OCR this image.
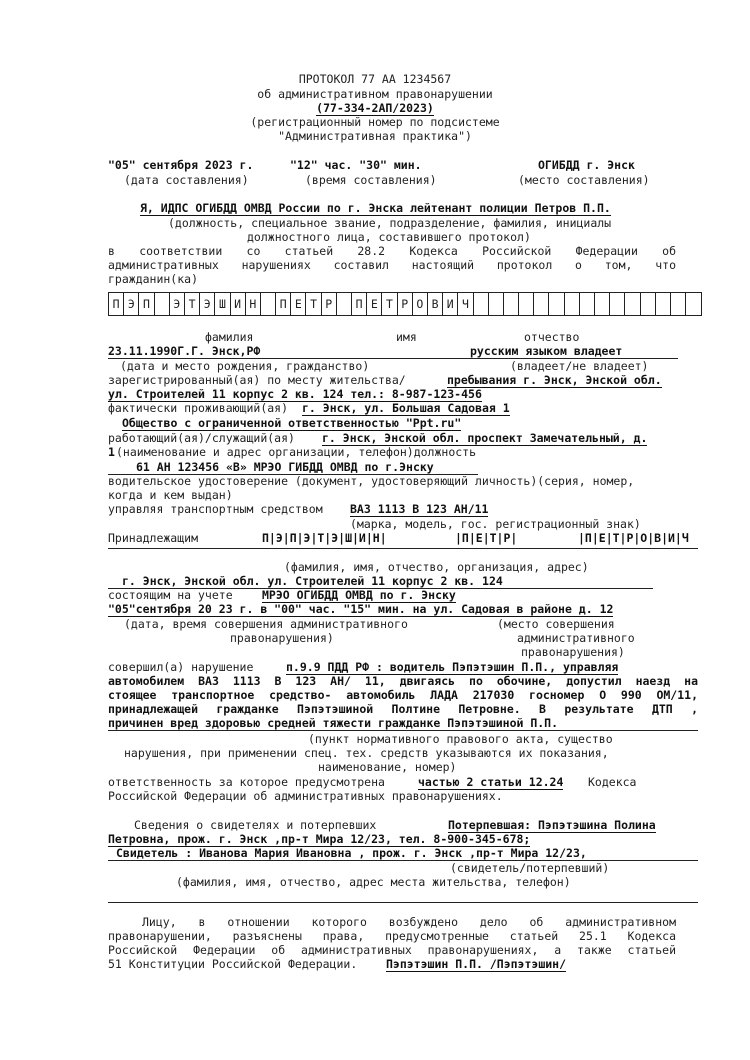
ПРОТОКОЛ 77 АА 1234567
об административном правонарушении
(77-334-2АП/2023)
(регистрационный номер по подсистеме
"Административная практика")
"05" сентября 2023 г.	"12" час. "30" мин.	ОГИБДД г. Энск
(дата составления)	(время составления)	(место составления)
Я, ИДПС ОГИБДД ОМВД России по г. Энска лейтенант полиции Петров П.П.
(должность, специальное звание, подразделение, фамилия, инициалы
должностного лица, составившего протокол)
в соответствии со статьей 28.2 Кодекса Российской Федерации об
административных нарушениях составил настоящий протокол о том, что
гражданин(ка)
П Э П	Э Т Э Ш И Н	П Е Т Р	П Е Т Р О В И Ч
фамилия	имя	отчество
23.11.1990Г.Г. Энск,РФ	русским языком владеет
(дата и место рождения, гражданство)	(владеет/не владеет)
зарегистрированный(ая) по месту жительства/	пребывания г. Энск, Энской обл.
ул. Строителей 11 корпус 2 кв. 124 тел.: 8-987-123-456
фактически проживающий(ая) г. Энск, ул. Большая Садовая 1
Общество с ограниченной ответственностью "Ppt.ru"
работающий(ая)/служащий(ая) г. Энск, Энской обл. проспект Замечательный, д.
1 (наименование и адрес организации, телефон)должность
61 АН 123456 «В» МРЭО ГИБДД ОМВД по г.Энску
водительское удостоверение (документ, удостоверяющий личность)(серия, номер,
когда и кем выдан)
управляя транспортным средством ВАЗ 1113 В 123 АН/11
(марка, модель, гос. регистрационный знак)
Принадлежащим	П|Э|П|Э|Т|Э|Ш|И|Н|	|П|Е|Т|Р|	|П|Е|Т|Р|О|В|И|Ч
(фамилия, имя, отчество, организация, адрес)
г. Энск, Энской обл. ул. Строителей 11 корпус 2 кв. 124
состоящим на учете	МРЭО ОГИБДД ОМВД по г. Энску
"05"сентября 20 23 г. в "00" час. "15" мин. на ул. Садовая в районе д. 12
(дата, время совершения административного
правонарушения)
(место совершения
административного
правонарушения)
совершил(а) нарушение	п.9.9 ПДД РФ : водитель Пэпэтэшин П.П., управляя
автомобилем ВАЗ 1113 В 123 АН/ 11, двигаясь по обочине, допустил наезд на
стоящее транспортное средство- автомобиль ЛАДА 217030 госномер О 990 ОМ/11,
принадлежащей гражданке Пэпэтэшиной Полтине Петровне. В результате ДТП ,
причинен вред здоровью средней тяжести гражданке Пэпэтэшиной П.П.
(пункт нормативного правового акта, существо
нарушения, при применении спец. тех. средств указываются их показания,
наименование, номер)
ответственность за которое предусмотрена	частью 2 статьи 12.24 Кодекса
Российской Федерации об административных правонарушениях.
Сведения о свидетелях и потерпевших	Потерпевшая: Пэпэтэшина Полина
Петровна, прож. г. Энск ,пр-т Мира 12/23, тел. 8-900-345-678;
Свидетель : Иванова Мария Ивановна , прож. г. Энск ,пр-т Мира 12/23,
(свидетель/потерпевший)
(фамилия, имя, отчество, адрес места жительства, телефон)
Лицу, в отношении которого возбуждено дело об административном
правонарушении, разъяснены права, предусмотренные статьей 25.1 Кодекса
Российской Федерации об административных правонарушениях, а также статьей
51 Конституции Российской Федерации.	Пэпэтэшин П.П. /Пэпэтэшин/
